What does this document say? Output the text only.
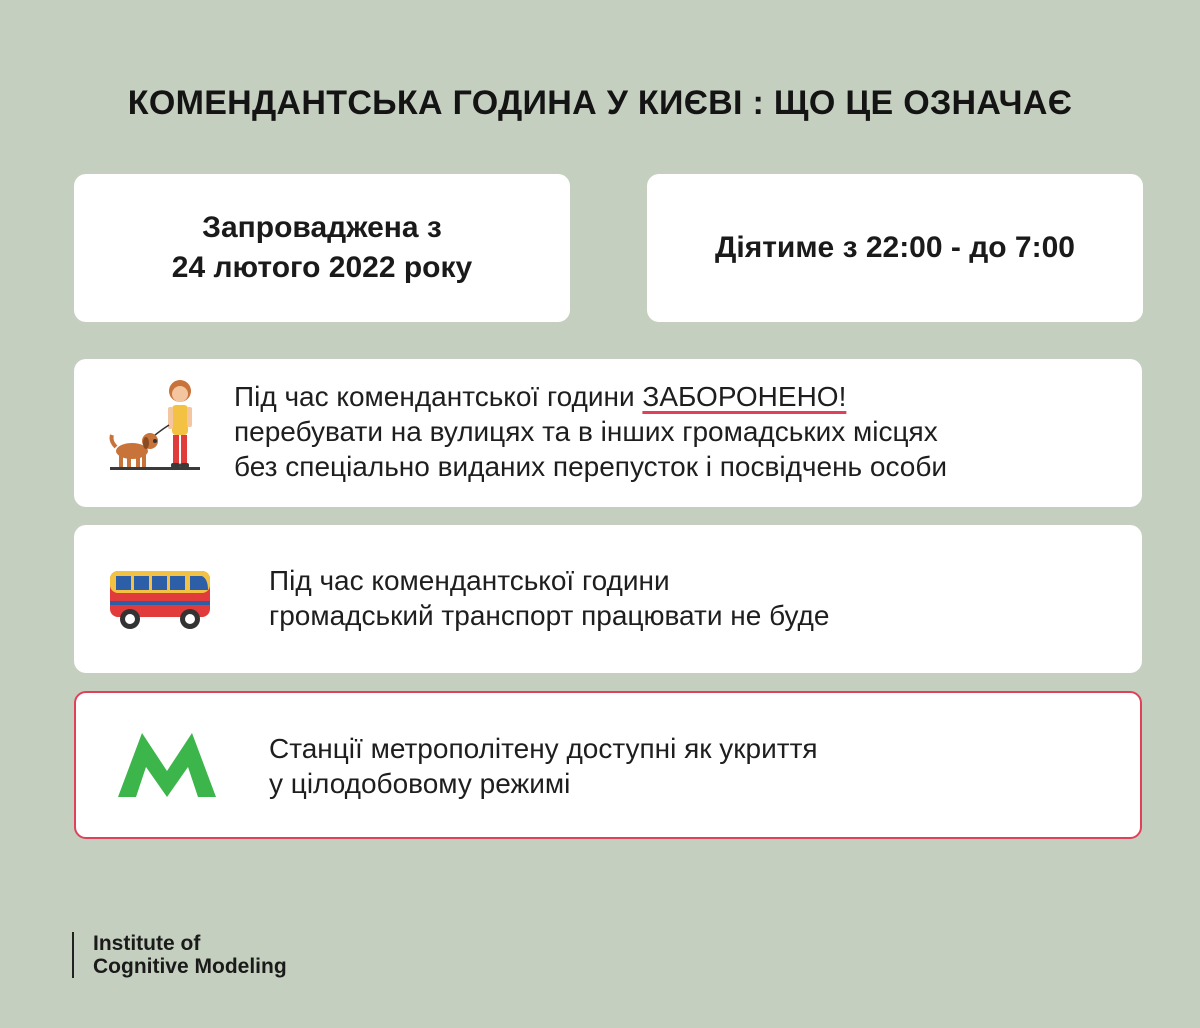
КОМЕНДАНТСЬКА ГОДИНА У КИЄВІ : ЩО ЦЕ ОЗНАЧАЄ
Запроваджена з
24 лютого 2022 року
Діятиме з 22:00 - до 7:00
Під час комендантської години ЗАБОРОНЕНО!
перебувати на вулицях та в інших громадських місцях
без спеціально виданих перепусток і посвідчень особи
Під час комендантської години
громадський транспорт працювати не буде
Станції метрополітену доступні як укриття
у цілодобовому режимі
Institute of
Cognitive Modeling
